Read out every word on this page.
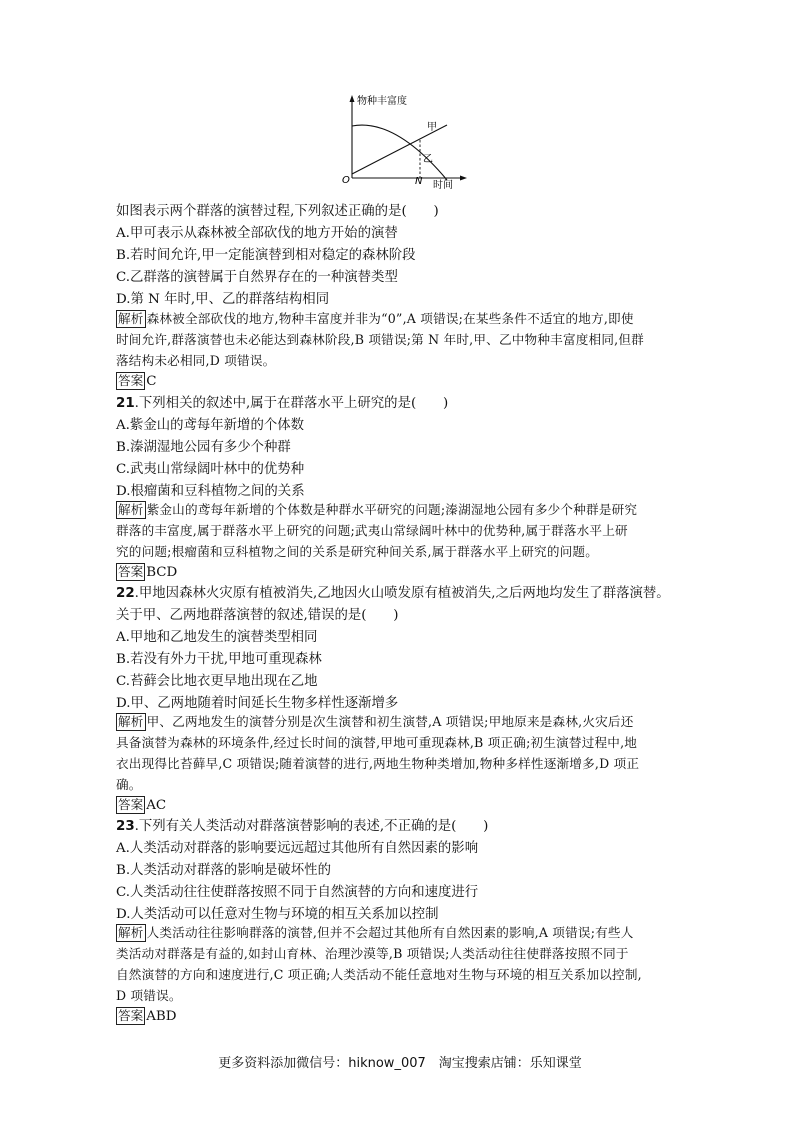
物种丰富度
O	N 时间
甲
乙
如图表示两个群落的演替过程,下列叙述正确的是(　　)
A.甲可表示从森林被全部砍伐的地方开始的演替
B.若时间允许,甲一定能演替到相对稳定的森林阶段
C.乙群落的演替属于自然界存在的一种演替类型
D.第 N 年时,甲、乙的群落结构相同
解析 森林被全部砍伐的地方,物种丰富度并非为“0”,A 项错误;在某些条件不适宜的地方,即使
时间允许,群落演替也未必能达到森林阶段,B 项错误;第 N 年时,甲、乙中物种丰富度相同,但群
落结构未必相同,D 项错误。
答案 C
21.下列相关的叙述中,属于在群落水平上研究的是(　　)
A.紫金山的鸢每年新增的个体数
B.溱湖湿地公园有多少个种群
C.武夷山常绿阔叶林中的优势种
D.根瘤菌和豆科植物之间的关系
解析 紫金山的鸢每年新增的个体数是种群水平研究的问题;溱湖湿地公园有多少个种群是研究
群落的丰富度,属于群落水平上研究的问题;武夷山常绿阔叶林中的优势种,属于群落水平上研
究的问题;根瘤菌和豆科植物之间的关系是研究种间关系,属于群落水平上研究的问题。
答案 BCD
22.甲地因森林火灾原有植被消失,乙地因火山喷发原有植被消失,之后两地均发生了群落演替。
关于甲、乙两地群落演替的叙述,错误的是(　　)
A.甲地和乙地发生的演替类型相同
B.若没有外力干扰,甲地可重现森林
C.苔藓会比地衣更早地出现在乙地
D.甲、乙两地随着时间延长生物多样性逐渐增多
解析 甲、乙两地发生的演替分别是次生演替和初生演替,A 项错误;甲地原来是森林,火灾后还
具备演替为森林的环境条件,经过长时间的演替,甲地可重现森林,B 项正确;初生演替过程中,地
衣出现得比苔藓早,C 项错误;随着演替的进行,两地生物种类增加,物种多样性逐渐增多,D 项正
确。
答案 AC
23.下列有关人类活动对群落演替影响的表述,不正确的是(　　)
A.人类活动对群落的影响要远远超过其他所有自然因素的影响
B.人类活动对群落的影响是破坏性的
C.人类活动往往使群落按照不同于自然演替的方向和速度进行
D.人类活动可以任意对生物与环境的相互关系加以控制
解析 人类活动往往影响群落的演替,但并不会超过其他所有自然因素的影响,A 项错误;有些人
类活动对群落是有益的,如封山育林、治理沙漠等,B 项错误;人类活动往往使群落按照不同于
自然演替的方向和速度进行,C 项正确;人类活动不能任意地对生物与环境的相互关系加以控制,
D 项错误。
答案 ABD
更多资料添加微信号：hiknow_007　淘宝搜索店铺：乐知课堂
